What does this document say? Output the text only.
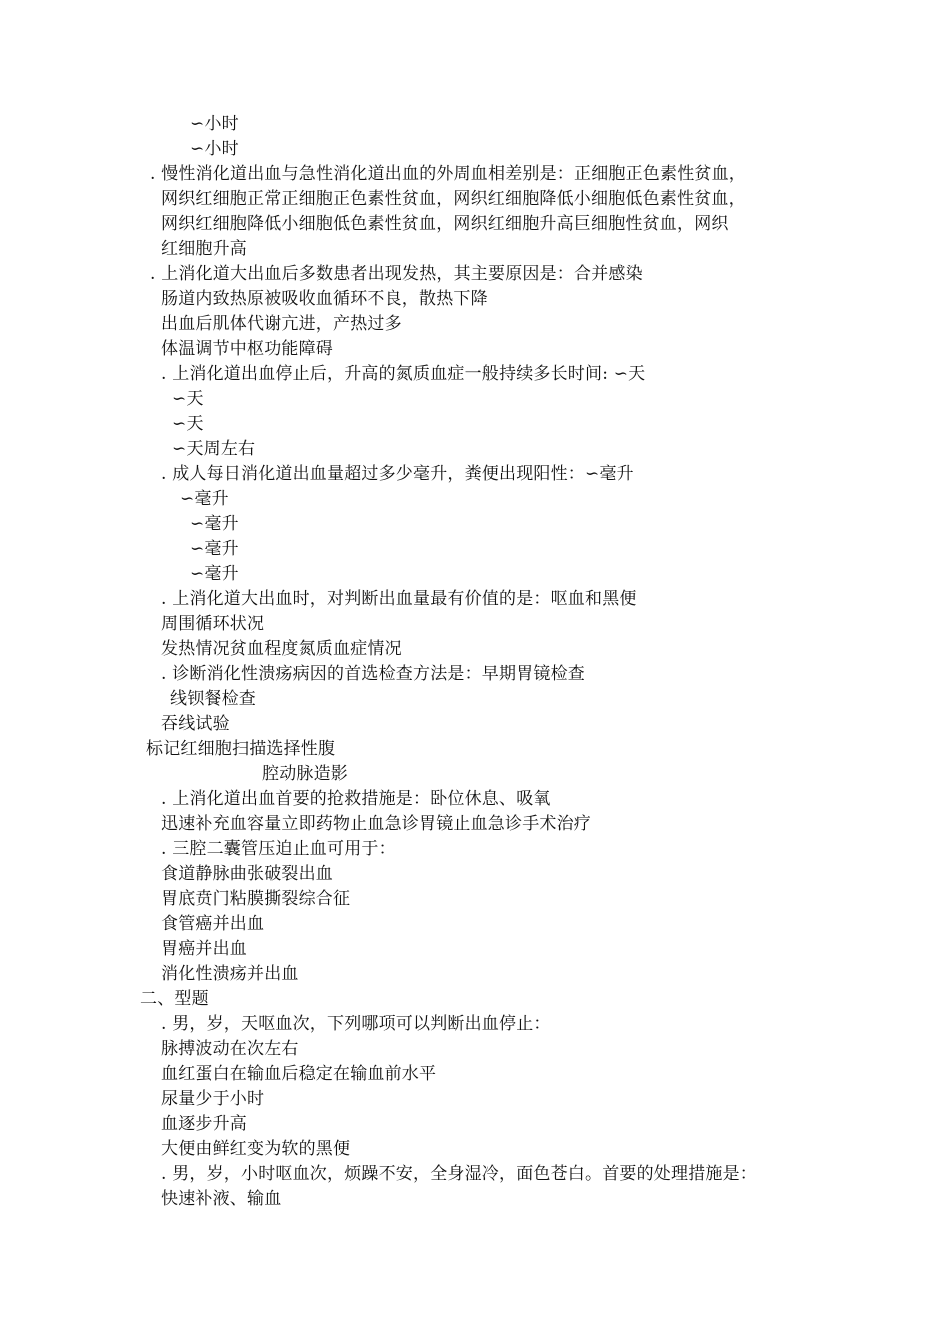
∽小时
∽小时
. 慢性消化道出血与急性消化道出血的外周血相差别是：正细胞正色素性贫血，
网织红细胞正常正细胞正色素性贫血，网织红细胞降低小细胞低色素性贫血，
网织红细胞降低小细胞低色素性贫血，网织红细胞升高巨细胞性贫血，网织
红细胞升高
. 上消化道大出血后多数患者出现发热，其主要原因是：合并感染
肠道内致热原被吸收血循环不良，散热下降
出血后肌体代谢亢进，产热过多
体温调节中枢功能障碍
. 上消化道出血停止后，升高的氮质血症一般持续多长时间: ∽天
∽天
∽天
∽天周左右
. 成人每日消化道出血量超过多少毫升，粪便出现阳性：∽毫升
∽毫升
∽毫升
∽毫升
∽毫升
. 上消化道大出血时，对判断出血量最有价值的是：呕血和黑便
周围循环状况
发热情况贫血程度氮质血症情况
. 诊断消化性溃疡病因的首选检查方法是：早期胃镜检查
线钡餐检查
吞线试验
标记红细胞扫描选择性腹
腔动脉造影
. 上消化道出血首要的抢救措施是：卧位休息、吸氧
迅速补充血容量立即药物止血急诊胃镜止血急诊手术治疗
. 三腔二囊管压迫止血可用于：
食道静脉曲张破裂出血
胃底贲门粘膜撕裂综合征
食管癌并出血
胃癌并出血
消化性溃疡并出血
二、型题
. 男，岁，天呕血次，下列哪项可以判断出血停止：
脉搏波动在次左右
血红蛋白在输血后稳定在输血前水平
尿量少于小时
血逐步升高
大便由鲜红变为软的黑便
. 男，岁，小时呕血次，烦躁不安，全身湿冷，面色苍白。首要的处理措施是：
快速补液、输血
